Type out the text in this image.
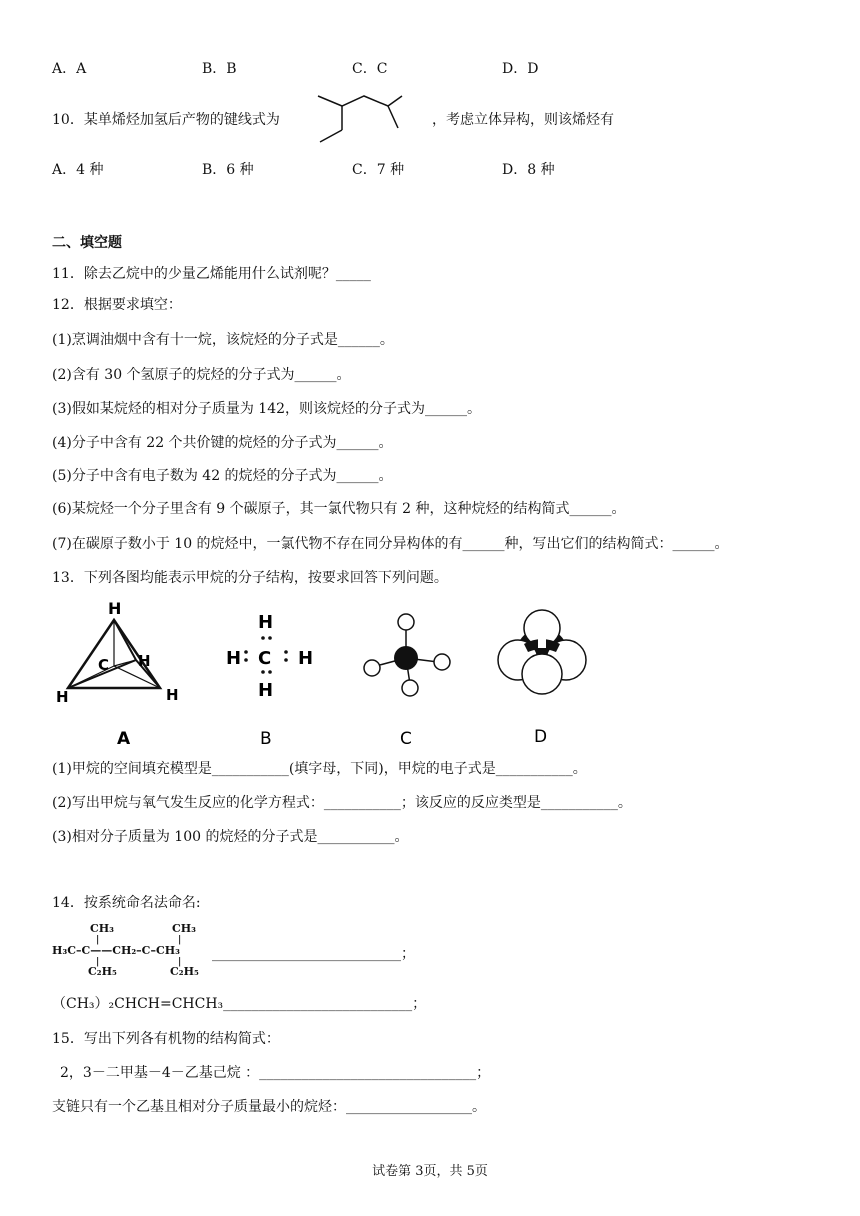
A．A	B．B	C．C	D．D
10．某单烯烃加氢后产物的键线式为	，考虑立体异构，则该烯烃有
A．4 种	B．6 种	C．7 种	D．8 种
二、填空题
11．除去乙烷中的少量乙烯能用什么试剂呢？_____
12．根据要求填空：
(1)烹调油烟中含有十一烷，该烷烃的分子式是______。
(2)含有 30 个氢原子的烷烃的分子式为______。
(3)假如某烷烃的相对分子质量为 142，则该烷烃的分子式为______。
(4)分子中含有 22 个共价键的烷烃的分子式为______。
(5)分子中含有电子数为 42 的烷烃的分子式为______。
(6)某烷烃一个分子里含有 9 个碳原子，其一氯代物只有 2 种，这种烷烃的结构简式______。
(7)在碳原子数小于 10 的烷烃中，一氯代物不存在同分异构体的有______种，写出它们的结构简式：______。
13．下列各图均能表示甲烷的分子结构，按要求回答下列问题。
H
C H
H	H
A
H
H C H
H
B	C	D
(1)甲烷的空间填充模型是___________(填字母，下同)，甲烷的电子式是___________。
(2)写出甲烷与氧气发生反应的化学方程式：___________；该反应的反应类型是___________。
(3)相对分子质量为 100 的烷烃的分子式是___________。
14．按系统命名法命名:
CH₃	CH₃
|	|
H₃C–C——CH₂–C–CH₃
|	|
C₂H₅	C₂H₅
___________________________；
（CH₃）₂CHCH=CHCH₃___________________________；
15．写出下列各有机物的结构简式：
2，3－二甲基－4－乙基己烷 ：_______________________________；
支链只有一个乙基且相对分子质量最小的烷烃：__________________。
试卷第 3页，共 5页
